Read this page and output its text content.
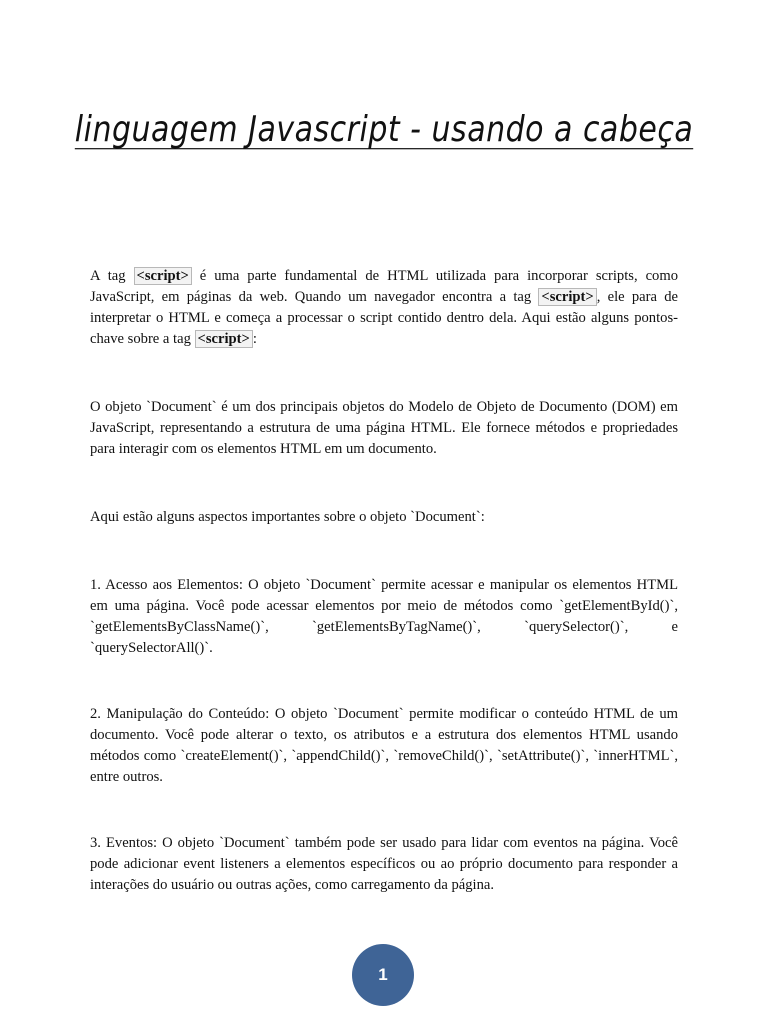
linguagem Javascript - usando a cabeça

A tag <script> é uma parte fundamental de HTML utilizada para incorporar scripts, como JavaScript, em páginas da web. Quando um navegador encontra a tag <script> , ele para de interpretar o HTML e começa a processar o script contido dentro dela. Aqui estão alguns pontos-chave sobre a tag <script> :

O objeto `Document` é um dos principais objetos do Modelo de Objeto de Documento (DOM) em JavaScript, representando a estrutura de uma página HTML. Ele fornece métodos e propriedades para interagir com os elementos HTML em um documento.

Aqui estão alguns aspectos importantes sobre o objeto `Document`:

1. Acesso aos Elementos: O objeto `Document` permite acessar e manipular os elementos HTML em uma página. Você pode acessar elementos por meio de métodos como `getElementById()`, `getElementsByClassName()`, `getElementsByTagName()`, `querySelector()`, e `querySelectorAll()`.

2. Manipulação do Conteúdo: O objeto `Document` permite modificar o conteúdo HTML de um documento. Você pode alterar o texto, os atributos e a estrutura dos elementos HTML usando métodos como `createElement()`, `appendChild()`, `removeChild()`, `setAttribute()`, `innerHTML`, entre outros.

3. Eventos: O objeto `Document` também pode ser usado para lidar com eventos na página. Você pode adicionar event listeners a elementos específicos ou ao próprio documento para responder a interações do usuário ou outras ações, como carregamento da página.

1
